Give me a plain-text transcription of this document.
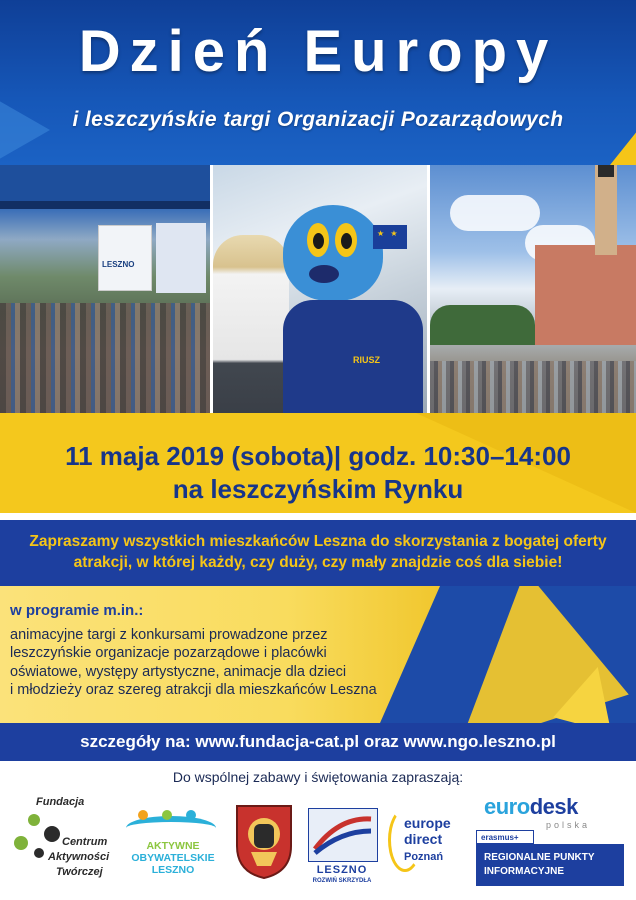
Dzień Europy
i leszczyńskie targi Organizacji Pozarządowych
LESZNO
★ ★
RIUSZ
11 maja 2019 (sobota)| godz. 10:30–14:00
na leszczyńskim Rynku
Zapraszamy wszystkich mieszkańców Leszna do skorzystania z bogatej oferty
atrakcji, w której każdy, czy duży, czy mały znajdzie coś dla siebie!
w programie m.in.:
animacyjne targi z konkursami prowadzone przez
leszczyńskie organizacje pozarządowe i placówki
oświatowe, występy artystyczne, animacje dla dzieci
i młodzieży oraz szereg atrakcji dla mieszkańców Leszna
szczegóły na: www.fundacja-cat.pl oraz www.ngo.leszno.pl
Do wspólnej zabawy i świętowania zapraszają:
Fundacja
Centrum
Aktywności
Twórczej
AKTYWNE
OBYWATELSKIE
LESZNO	LESZNO
ROZWIŃ SKRZYDŁA
europe
direct
Poznań
eurodesk
polska
erasmus+
REGIONALNE PUNKTY
INFORMACYJNE
